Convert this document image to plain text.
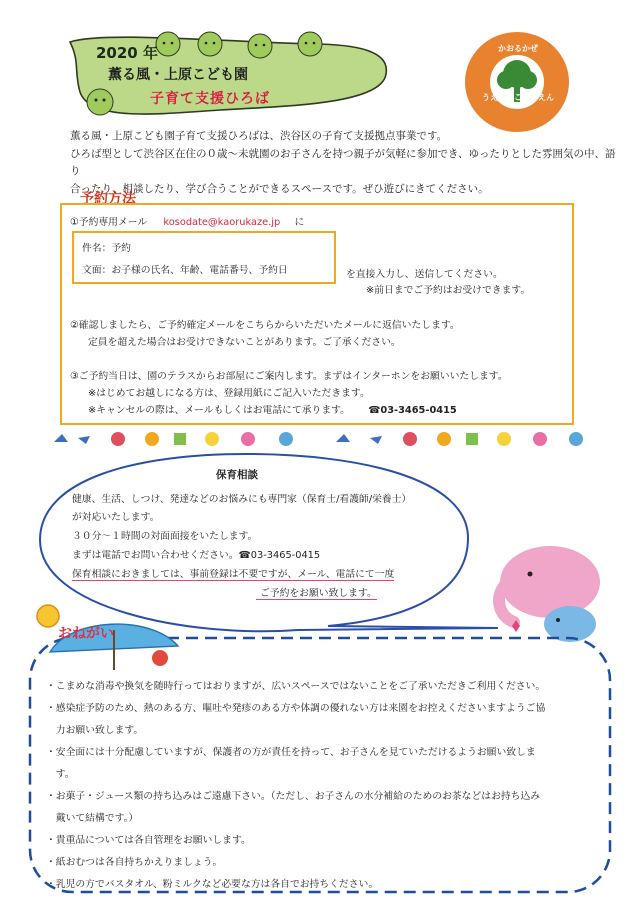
2020 年
薫る風・上原こども園
子育て支援ひろば
かおるかぜ
うえはらこどもえん
薫る風・上原こども園子育て支援ひろばは、渋谷区の子育て支援拠点事業です。
ひろば型として渋谷区在住の０歳～未就園のお子さんを持つ親子が気軽に参加でき、ゆったりとした雰囲気の中、語り
合ったり、相談したり、学び合うことができるスペースです。ぜひ遊びにきてください。
予約方法
①予約専用メール kosodate@kaorukaze.jp に
件名：予約
文面：お子様の氏名、年齢、電話番号、予約日	を直接入力し、送信してください。
※前日までご予約はお受けできます。
②確認しましたら、ご予約確定メールをこちらからいただいたメールに返信いたします。
定員を超えた場合はお受けできないことがあります。ご了承ください。
③ご予約当日は、園のテラスからお部屋にご案内します。まずはインターホンをお願いいたします。
※はじめてお越しになる方は、登録用紙にご記入いただきます。
※キャンセルの際は、メールもしくはお電話にて承ります。 ☎03-3465-0415
保育相談
健康、生活、しつけ、発達などのお悩みにも専門家（保育士/看護師/栄養士）
が対応いたします。
３０分～１時間の対面面接をいたします。
まずは電話でお問い合わせください。☎03-3465-0415
保育相談におきましては、事前登録は不要ですが、メール、電話にて一度
ご予約をお願い致します。
おねがい
・こまめな消毒や換気を随時行ってはおりますが、広いスペースではないことをご了承いただきご利用ください。
・感染症予防のため、熱のある方、嘔吐や発疹のある方や体調の優れない方は来園をお控えくださいますようご協
　力お願い致します。
・安全面には十分配慮していますが、保護者の方が責任を持って、お子さんを見ていただけるようお願い致しま
　す。
・お菓子・ジュース類の持ち込みはご遠慮下さい。（ただし、お子さんの水分補給のためのお茶などはお持ち込み
　戴いて結構です。）
・貴重品については各自管理をお願いします。
・紙おむつは各自持ちかえりましょう。
・乳児の方でバスタオル、粉ミルクなど必要な方は各自でお持ちください。
